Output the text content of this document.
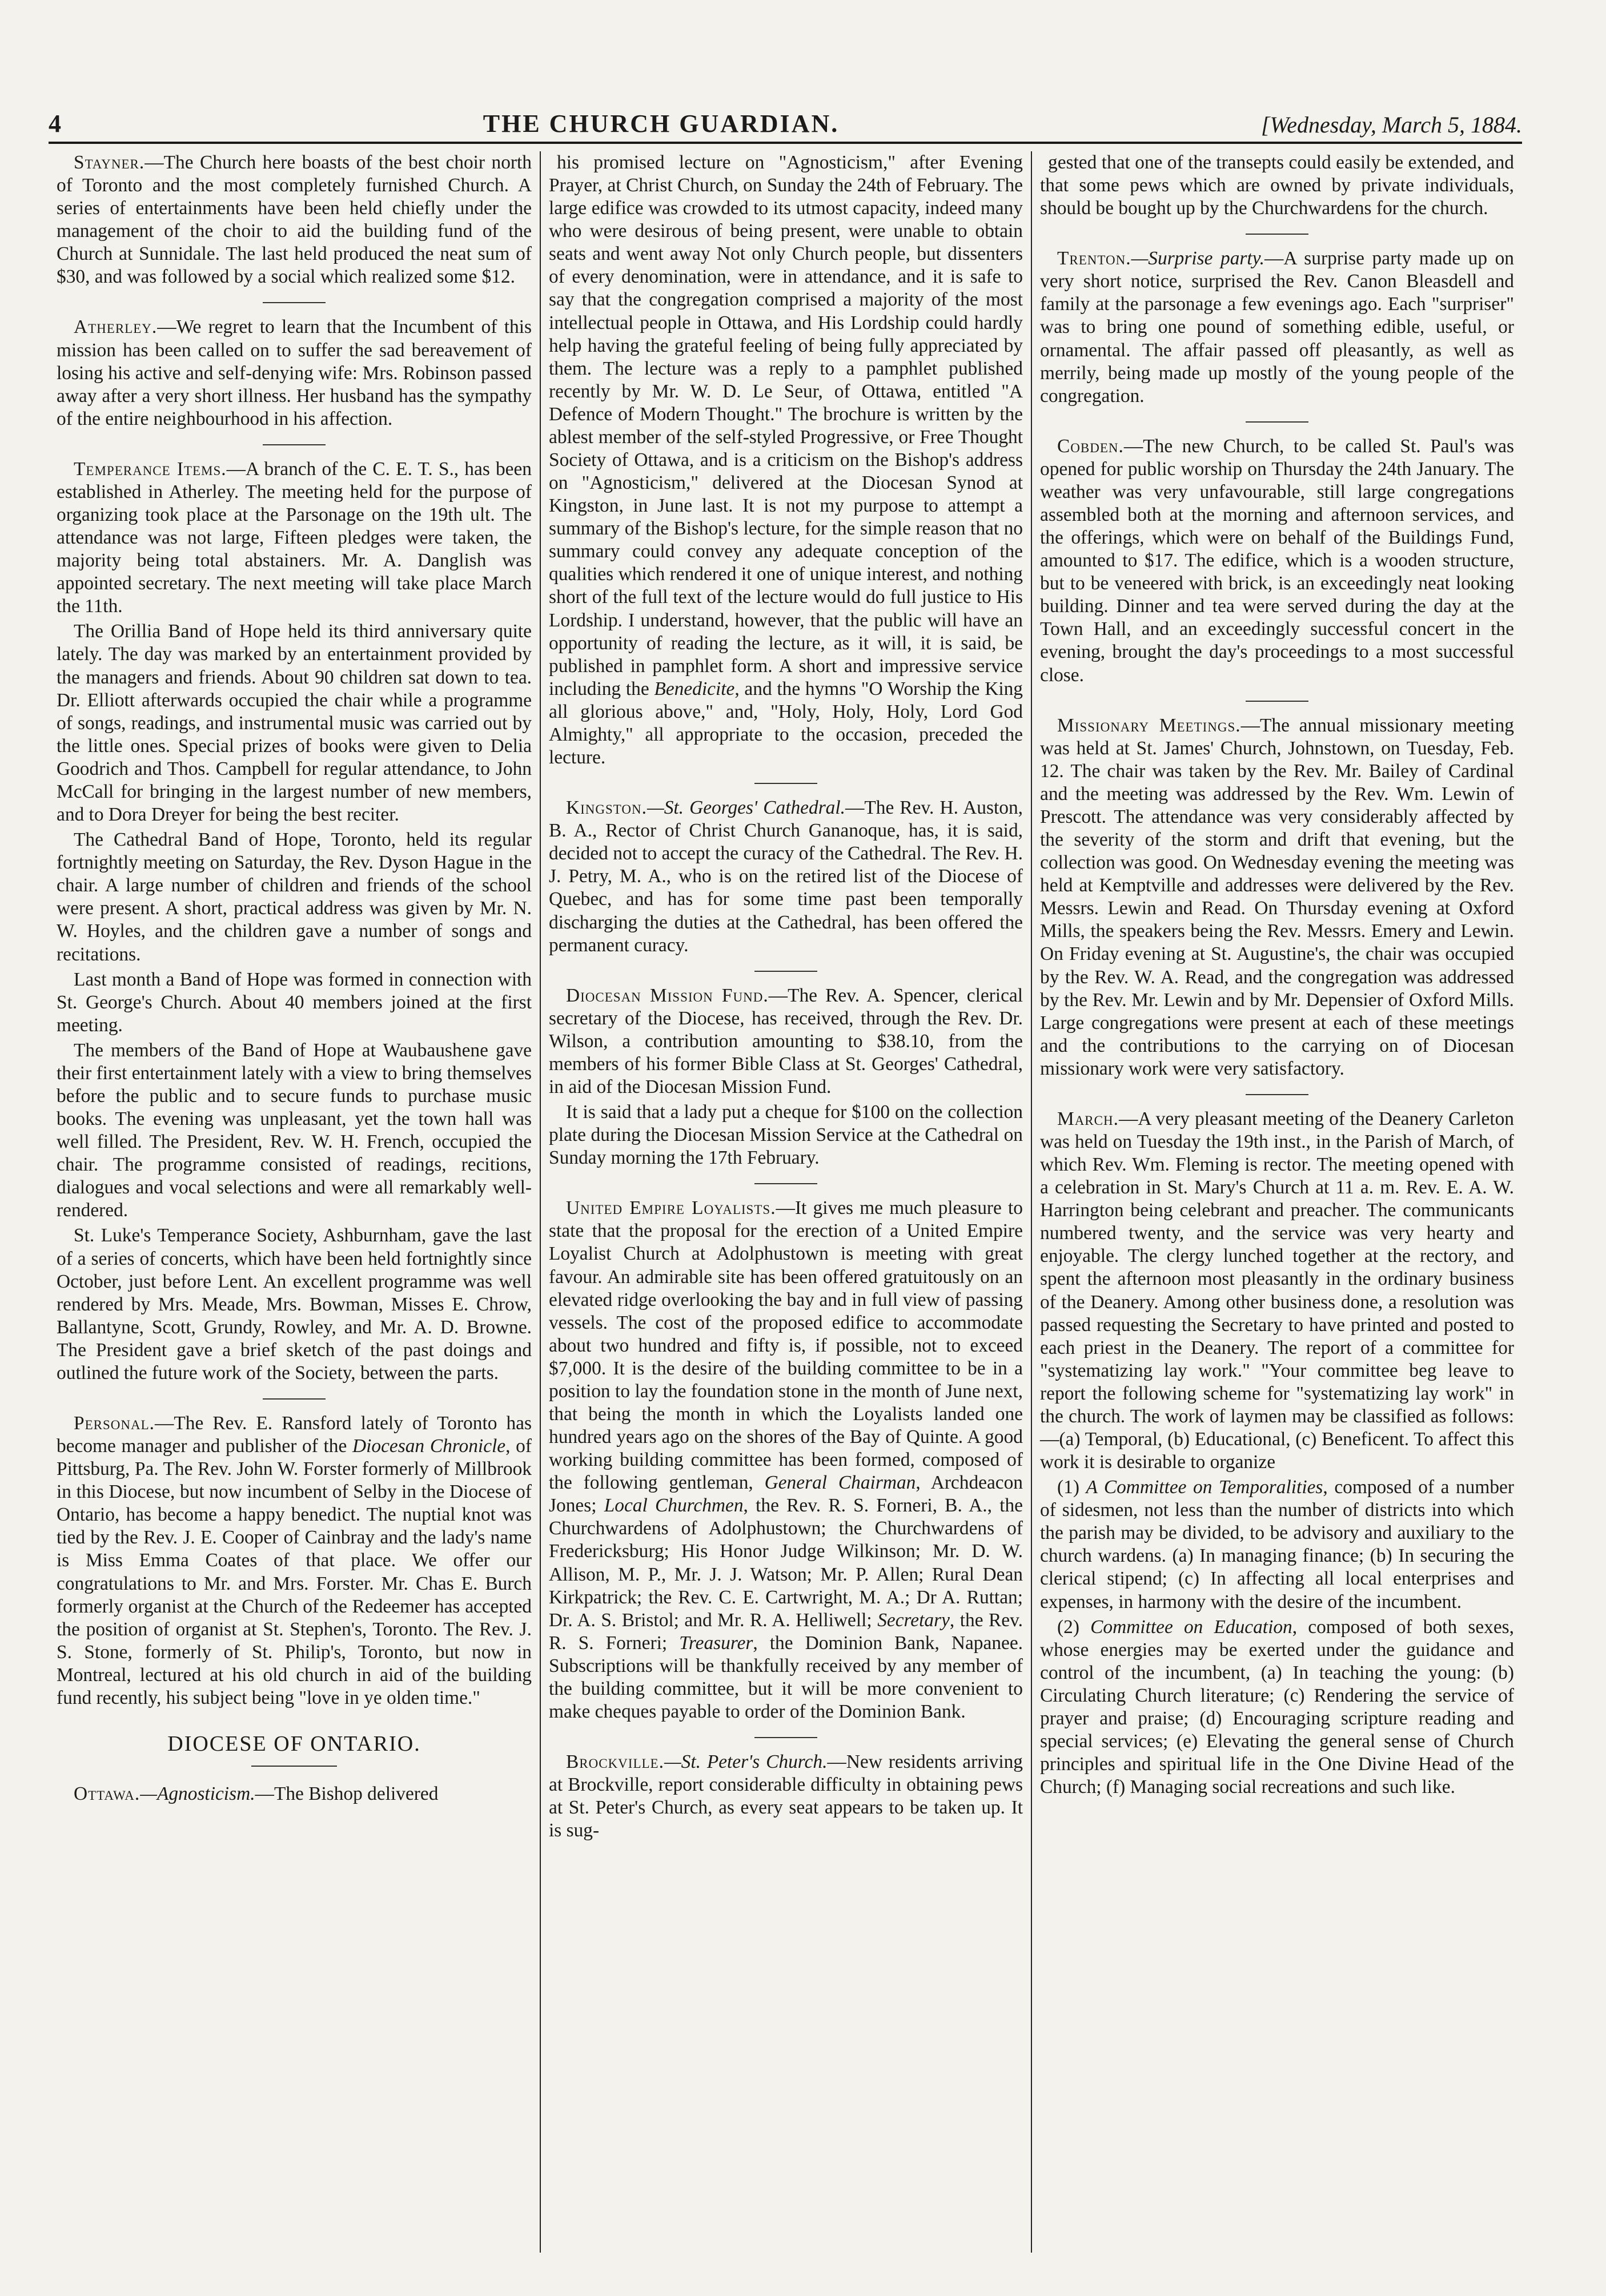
4	THE CHURCH GUARDIAN.	[Wednesday, March 5, 1884.

Stayner.—The Church here boasts of the best choir north of Toronto and the most completely furnished Church. A series of entertainments have been held chiefly under the management of the choir to aid the building fund of the Church at Sunnidale. The last held produced the neat sum of $30, and was followed by a social which realized some $12.

Atherley.—We regret to learn that the Incumbent of this mission has been called on to suffer the sad bereavement of losing his active and self-denying wife: Mrs. Robinson passed away after a very short illness. Her husband has the sympathy of the entire neighbourhood in his affection.

Temperance Items.—A branch of the C. E. T. S., has been established in Atherley. The meeting held for the purpose of organizing took place at the Parsonage on the 19th ult. The attendance was not large, Fifteen pledges were taken, the majority being total abstainers. Mr. A. Danglish was appointed secretary. The next meeting will take place March the 11th.

The Orillia Band of Hope held its third anniversary quite lately. The day was marked by an entertainment provided by the managers and friends. About 90 children sat down to tea. Dr. Elliott afterwards occupied the chair while a programme of songs, readings, and instrumental music was carried out by the little ones. Special prizes of books were given to Delia Goodrich and Thos. Campbell for regular attendance, to John McCall for bringing in the largest number of new members, and to Dora Dreyer for being the best reciter.

The Cathedral Band of Hope, Toronto, held its regular fortnightly meeting on Saturday, the Rev. Dyson Hague in the chair. A large number of children and friends of the school were present. A short, practical address was given by Mr. N. W. Hoyles, and the children gave a number of songs and recitations.

Last month a Band of Hope was formed in connection with St. George's Church. About 40 members joined at the first meeting.

The members of the Band of Hope at Waubaushene gave their first entertainment lately with a view to bring themselves before the public and to secure funds to purchase music books. The evening was unpleasant, yet the town hall was well filled. The President, Rev. W. H. French, occupied the chair. The programme consisted of readings, recitions, dialogues and vocal selections and were all remarkably well-rendered.

St. Luke's Temperance Society, Ashburnham, gave the last of a series of concerts, which have been held fortnightly since October, just before Lent. An excellent programme was well rendered by Mrs. Meade, Mrs. Bowman, Misses E. Chrow, Ballantyne, Scott, Grundy, Rowley, and Mr. A. D. Browne. The President gave a brief sketch of the past doings and outlined the future work of the Society, between the parts.

Personal.—The Rev. E. Ransford lately of Toronto has become manager and publisher of the Diocesan Chronicle, of Pittsburg, Pa. The Rev. John W. Forster formerly of Millbrook in this Diocese, but now incumbent of Selby in the Diocese of Ontario, has become a happy benedict. The nuptial knot was tied by the Rev. J. E. Cooper of Cainbray and the lady's name is Miss Emma Coates of that place. We offer our congratulations to Mr. and Mrs. Forster. Mr. Chas E. Burch formerly organist at the Church of the Redeemer has accepted the position of organist at St. Stephen's, Toronto. The Rev. J. S. Stone, formerly of St. Philip's, Toronto, but now in Montreal, lectured at his old church in aid of the building fund recently, his subject being "love in ye olden time."

DIOCESE OF ONTARIO.

Ottawa.—Agnosticism.—The Bishop delivered

his promised lecture on "Agnosticism," after Evening Prayer, at Christ Church, on Sunday the 24th of February. The large edifice was crowded to its utmost capacity, indeed many who were desirous of being present, were unable to obtain seats and went away Not only Church people, but dissenters of every denomination, were in attendance, and it is safe to say that the congregation comprised a majority of the most intellectual people in Ottawa, and His Lordship could hardly help having the grateful feeling of being fully appreciated by them. The lecture was a reply to a pamphlet published recently by Mr. W. D. Le Seur, of Ottawa, entitled "A Defence of Modern Thought." The brochure is written by the ablest member of the self-styled Progressive, or Free Thought Society of Ottawa, and is a criticism on the Bishop's address on "Agnosticism," delivered at the Diocesan Synod at Kingston, in June last. It is not my purpose to attempt a summary of the Bishop's lecture, for the simple reason that no summary could convey any adequate conception of the qualities which rendered it one of unique interest, and nothing short of the full text of the lecture would do full justice to His Lordship. I understand, however, that the public will have an opportunity of reading the lecture, as it will, it is said, be published in pamphlet form. A short and impressive service including the Benedicite, and the hymns "O Worship the King all glorious above," and, "Holy, Holy, Holy, Lord God Almighty," all appropriate to the occasion, preceded the lecture.

Kingston.—St. Georges' Cathedral.—The Rev. H. Auston, B. A., Rector of Christ Church Gananoque, has, it is said, decided not to accept the curacy of the Cathedral. The Rev. H. J. Petry, M. A., who is on the retired list of the Diocese of Quebec, and has for some time past been temporally discharging the duties at the Cathedral, has been offered the permanent curacy.

Diocesan Mission Fund.—The Rev. A. Spencer, clerical secretary of the Diocese, has received, through the Rev. Dr. Wilson, a contribution amounting to $38.10, from the members of his former Bible Class at St. Georges' Cathedral, in aid of the Diocesan Mission Fund.

It is said that a lady put a cheque for $100 on the collection plate during the Diocesan Mission Service at the Cathedral on Sunday morning the 17th February.

United Empire Loyalists.—It gives me much pleasure to state that the proposal for the erection of a United Empire Loyalist Church at Adolphustown is meeting with great favour. An admirable site has been offered gratuitously on an elevated ridge overlooking the bay and in full view of passing vessels. The cost of the proposed edifice to accommodate about two hundred and fifty is, if possible, not to exceed $7,000. It is the desire of the building committee to be in a position to lay the foundation stone in the month of June next, that being the month in which the Loyalists landed one hundred years ago on the shores of the Bay of Quinte. A good working building committee has been formed, composed of the following gentleman, General Chairman, Archdeacon Jones; Local Churchmen, the Rev. R. S. Forneri, B. A., the Churchwardens of Adolphustown; the Churchwardens of Fredericksburg; His Honor Judge Wilkinson; Mr. D. W. Allison, M. P., Mr. J. J. Watson; Mr. P. Allen; Rural Dean Kirkpatrick; the Rev. C. E. Cartwright, M. A.; Dr A. Ruttan; Dr. A. S. Bristol; and Mr. R. A. Helliwell; Secretary, the Rev. R. S. Forneri; Treasurer, the Dominion Bank, Napanee. Subscriptions will be thankfully received by any member of the building committee, but it will be more convenient to make cheques payable to order of the Dominion Bank.

Brockville.—St. Peter's Church.—New residents arriving at Brockville, report considerable difficulty in obtaining pews at St. Peter's Church, as every seat appears to be taken up. It is sug-

gested that one of the transepts could easily be extended, and that some pews which are owned by private individuals, should be bought up by the Churchwardens for the church.

Trenton.—Surprise party.—A surprise party made up on very short notice, surprised the Rev. Canon Bleasdell and family at the parsonage a few evenings ago. Each "surpriser" was to bring one pound of something edible, useful, or ornamental. The affair passed off pleasantly, as well as merrily, being made up mostly of the young people of the congregation.

Cobden.—The new Church, to be called St. Paul's was opened for public worship on Thursday the 24th January. The weather was very unfavourable, still large congregations assembled both at the morning and afternoon services, and the offerings, which were on behalf of the Buildings Fund, amounted to $17. The edifice, which is a wooden structure, but to be veneered with brick, is an exceedingly neat looking building. Dinner and tea were served during the day at the Town Hall, and an exceedingly successful concert in the evening, brought the day's proceedings to a most successful close.

Missionary Meetings.—The annual missionary meeting was held at St. James' Church, Johnstown, on Tuesday, Feb. 12. The chair was taken by the Rev. Mr. Bailey of Cardinal and the meeting was addressed by the Rev. Wm. Lewin of Prescott. The attendance was very considerably affected by the severity of the storm and drift that evening, but the collection was good. On Wednesday evening the meeting was held at Kemptville and addresses were delivered by the Rev. Messrs. Lewin and Read. On Thursday evening at Oxford Mills, the speakers being the Rev. Messrs. Emery and Lewin. On Friday evening at St. Augustine's, the chair was occupied by the Rev. W. A. Read, and the congregation was addressed by the Rev. Mr. Lewin and by Mr. Depensier of Oxford Mills. Large congregations were present at each of these meetings and the contributions to the carrying on of Diocesan missionary work were very satisfactory.

March.—A very pleasant meeting of the Deanery Carleton was held on Tuesday the 19th inst., in the Parish of March, of which Rev. Wm. Fleming is rector. The meeting opened with a celebration in St. Mary's Church at 11 a. m. Rev. E. A. W. Harrington being celebrant and preacher. The communicants numbered twenty, and the service was very hearty and enjoyable. The clergy lunched together at the rectory, and spent the afternoon most pleasantly in the ordinary business of the Deanery. Among other business done, a resolution was passed requesting the Secretary to have printed and posted to each priest in the Deanery. The report of a committee for "systematizing lay work." "Your committee beg leave to report the following scheme for "systematizing lay work" in the church. The work of laymen may be classified as follows:—(a) Temporal, (b) Educational, (c) Beneficent. To affect this work it is desirable to organize

(1) A Committee on Temporalities, composed of a number of sidesmen, not less than the number of districts into which the parish may be divided, to be advisory and auxiliary to the church wardens. (a) In managing finance; (b) In securing the clerical stipend; (c) In affecting all local enterprises and expenses, in harmony with the desire of the incumbent.

(2) Committee on Education, composed of both sexes, whose energies may be exerted under the guidance and control of the incumbent, (a) In teaching the young: (b) Circulating Church literature; (c) Rendering the service of prayer and praise; (d) Encouraging scripture reading and special services; (e) Elevating the general sense of Church principles and spiritual life in the One Divine Head of the Church; (f) Managing social recreations and such like.
